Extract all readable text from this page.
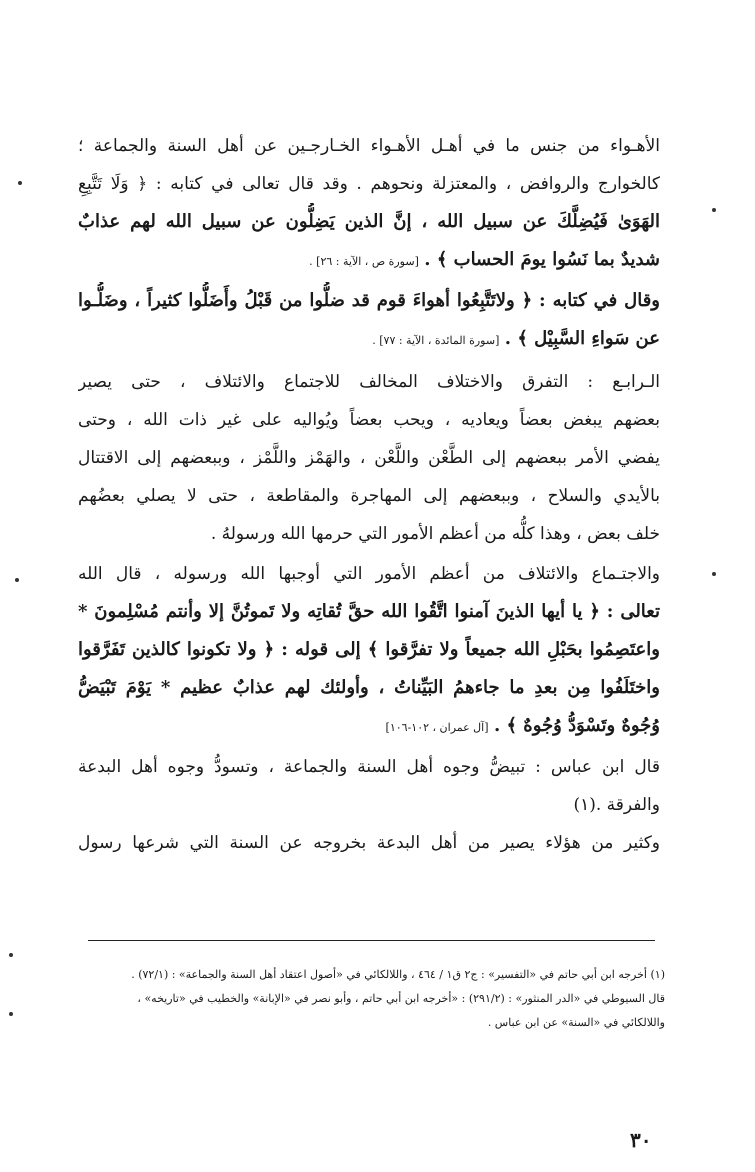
الأهـواء من جنس ما في أهـل الأهـواء الخـارجـين عن أهل السنة والجماعة ؛
كالخوارج والروافض ، والمعتزلة ونحوهم . وقد قال تعالى في كتابه : ﴿ وَلَا تَتَّبِعِ
الهَوَىٰ فَيُضِلَّكَ عن سبيل الله ، إنَّ الذين يَضِلُّون عن سبيل الله لهم عذابٌ
شديدٌ بما نَسُوا يومَ الحساب ﴾ . [سورة ص ، الآية : ٢٦] .
وقال في كتابه : ﴿ ولاتَتَّبِعُوا أهواءَ قوم قد ضلُّوا من قَبْلُ وأَضَلُّوا كثيراً ، وضَلُّـوا
عن سَواءِ السَّبِيْل ﴾ . [سورة المائدة ، الآية : ٧٧] .
الـرابـع : التفرق والاختلاف المخالف للاجتماع والائتلاف ، حتى يصير
بعضهم يبغض بعضاً ويعاديه ، ويحب بعضاً ويُواليه على غير ذات الله ، وحتى
يفضي الأمر ببعضهم إلى الطَّعْن واللَّعْن ، والهَمْز واللَّمْز ، وببعضهم إلى الاقتتال
بالأيدي والسلاح ، وببعضهم إلى المهاجرة والمقاطعة ، حتى لا يصلي بعضُهم
خلف بعض ، وهذا كلُّه من أعظم الأمور التي حرمها الله ورسولهُ .
والاجتـماع والائتلاف من أعظم الأمور التي أوجبها الله ورسوله ، قال الله
تعالى : ﴿ يا أيها الذينَ آمنوا اتَّقُوا الله حقَّ تُقاتِه ولا تَموتُنَّ إلا وأنتم مُسْلِمونَ *
واعتَصِمُوا بحَبْلِ الله جميعاً ولا تفرَّقوا ﴾ إلى قوله : ﴿ ولا تكونوا كالذين تَفَرَّقوا
واختَلَفُوا مِن بعدِ ما جاءهمُ البَيِّناتُ ، وأولئك لهم عذابٌ عظيم * يَوْمَ تَبْيَضُّ
وُجُوهٌ وتَسْوَدُّ وُجُوهٌ ﴾ . [آل عمران ، ١٠٢-١٠٦]
قال ابن عباس : تبيضُّ وجوه أهل السنة والجماعة ، وتسودُّ وجوه أهل البدعة
والفرقة .(١)
وكثير من هؤلاء يصير من أهل البدعة بخروجه عن السنة التي شرعها رسول
(١) أخرجه ابن أبي حاتم في «التفسير» : ج٢ ق١ / ٤٦٤ ، واللالكائي في «أصول اعتقاد أهل السنة والجماعة» : (٧٢/١) .
قال السيوطي في «الدر المنثور» : (٢٩١/٢) : «أخرجه ابن أبي حاتم ، وأبو نصر في «الإبانة» والخطيب في «تاريخه» ،
واللالكائي في «السنة» عن ابن عباس .
٣٠
